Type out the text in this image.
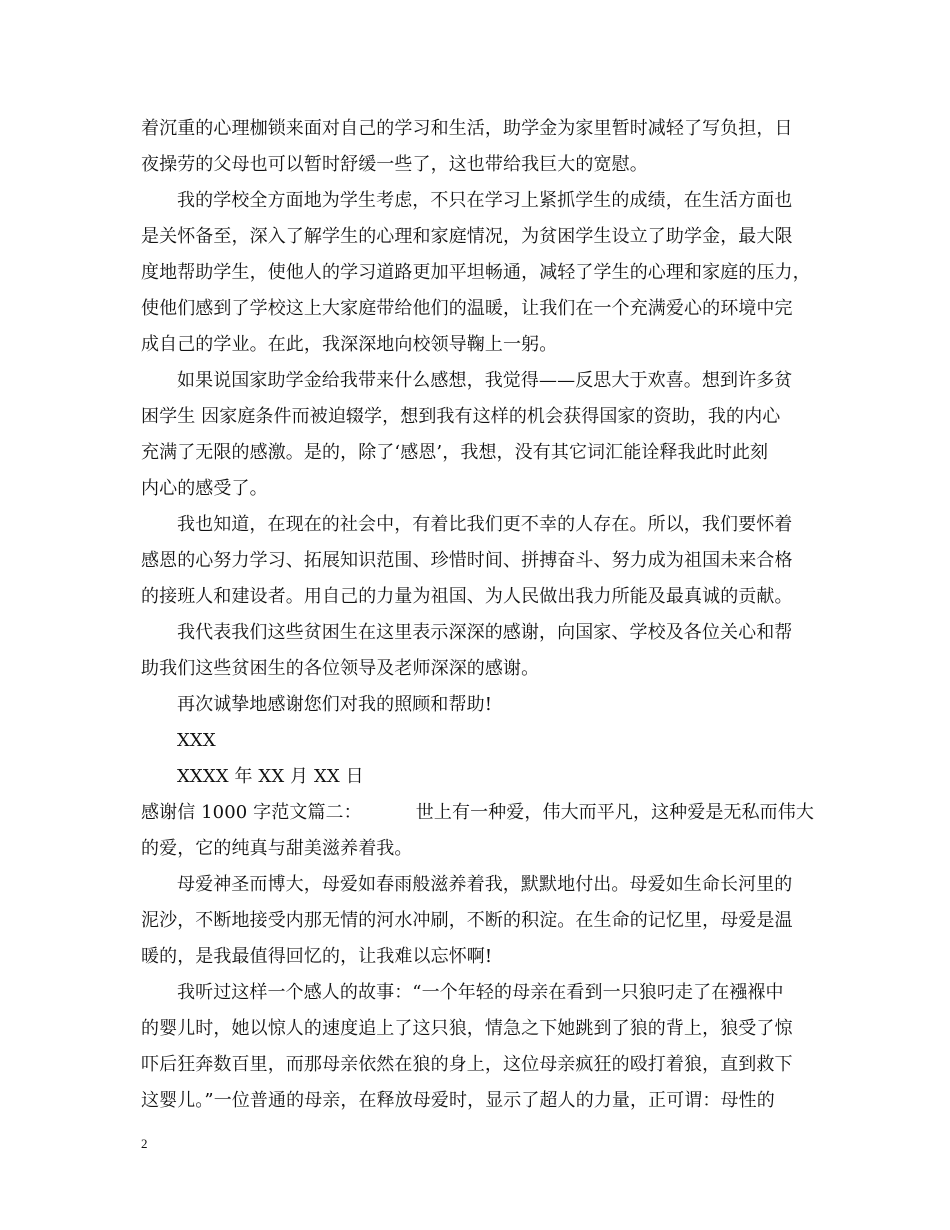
着沉重的心理枷锁来面对自己的学习和生活，助学金为家里暂时减轻了写负担，日
夜操劳的父母也可以暂时舒缓一些了，这也带给我巨大的宽慰。
我的学校全方面地为学生考虑，不只在学习上紧抓学生的成绩，在生活方面也
是关怀备至，深入了解学生的心理和家庭情况，为贫困学生设立了助学金，最大限
度地帮助学生，使他人的学习道路更加平坦畅通，减轻了学生的心理和家庭的压力，
使他们感到了学校这上大家庭带给他们的温暖，让我们在一个充满爱心的环境中完
成自己的学业。在此，我深深地向校领导鞠上一躬。
如果说国家助学金给我带来什么感想，我觉得——反思大于欢喜。想到许多贫
困学生 因家庭条件而被迫辍学，想到我有这样的机会获得国家的资助，我的内心
充满了无限的感激。是的，除了‘感恩’，我想，没有其它词汇能诠释我此时此刻
内心的感受了。
我也知道，在现在的社会中，有着比我们更不幸的人存在。所以，我们要怀着
感恩的心努力学习、拓展知识范围、珍惜时间、拼搏奋斗、努力成为祖国未来合格
的接班人和建设者。用自己的力量为祖国、为人民做出我力所能及最真诚的贡献。
我代表我们这些贫困生在这里表示深深的感谢，向国家、学校及各位关心和帮
助我们这些贫困生的各位领导及老师深深的感谢。
再次诚挚地感谢您们对我的照顾和帮助!
XXX
XXXX 年 XX 月 XX 日
感谢信 1000 字范文篇二：	世上有一种爱，伟大而平凡，这种爱是无私而伟大
的爱，它的纯真与甜美滋养着我。
母爱神圣而博大，母爱如春雨般滋养着我，默默地付出。母爱如生命长河里的
泥沙，不断地接受内那无情的河水冲刷，不断的积淀。在生命的记忆里，母爱是温
暖的，是我最值得回忆的，让我难以忘怀啊!
我听过这样一个感人的故事：“一个年轻的母亲在看到一只狼叼走了在襁褓中
的婴儿时，她以惊人的速度追上了这只狼，情急之下她跳到了狼的背上，狼受了惊
吓后狂奔数百里，而那母亲依然在狼的身上，这位母亲疯狂的殴打着狼，直到救下
这婴儿。”一位普通的母亲，在释放母爱时，显示了超人的力量，正可谓：母性的
2
